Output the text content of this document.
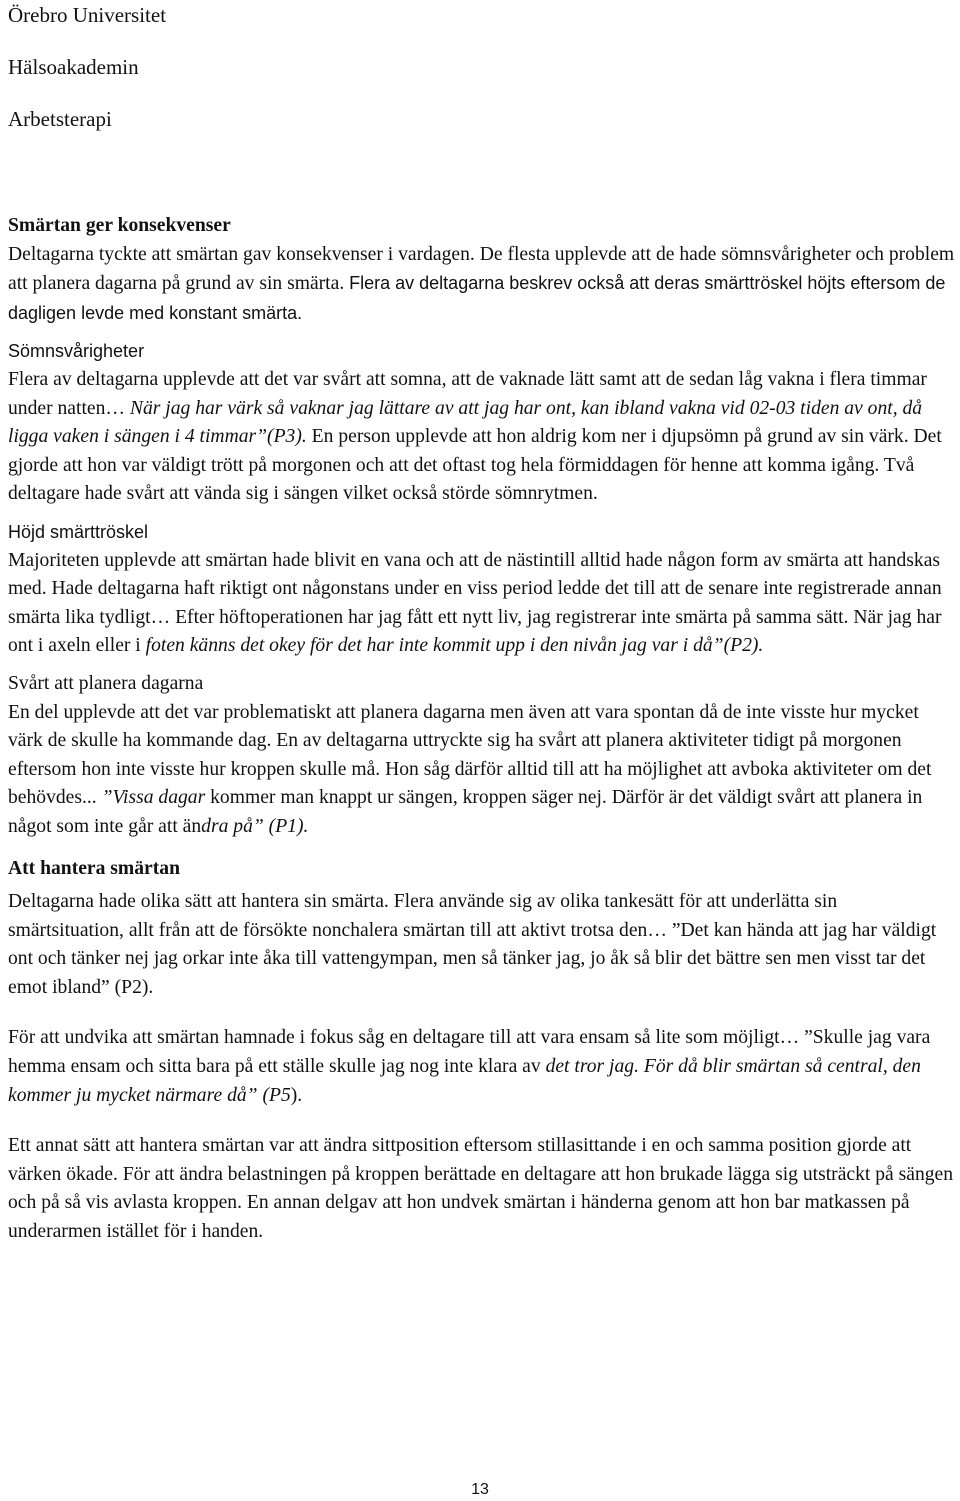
Örebro Universitet

Hälsoakademin

Arbetsterapi

Smärtan ger konsekvenser

Deltagarna tyckte att smärtan gav konsekvenser i vardagen. De flesta upplevde att de hade sömnsvårigheter och problem att planera dagarna på grund av sin smärta. Flera av deltagarna beskrev också att deras smärttröskel höjts eftersom de dagligen levde med konstant smärta.

Sömnsvårigheter

Flera av deltagarna upplevde att det var svårt att somna, att de vaknade lätt samt att de sedan låg vakna i flera timmar under natten… När jag har värk så vaknar jag lättare av att jag har ont, kan ibland vakna vid 02-03 tiden av ont, då ligga vaken i sängen i 4 timmar”(P3). En person upplevde att hon aldrig kom ner i djupsömn på grund av sin värk. Det gjorde att hon var väldigt trött på morgonen och att det oftast tog hela förmiddagen för henne att komma igång. Två deltagare hade svårt att vända sig i sängen vilket också störde sömnrytmen.

Höjd smärttröskel

Majoriteten upplevde att smärtan hade blivit en vana och att de nästintill alltid hade någon form av smärta att handskas med. Hade deltagarna haft riktigt ont någonstans under en viss period ledde det till att de senare inte registrerade annan smärta lika tydligt… Efter höftoperationen har jag fått ett nytt liv, jag registrerar inte smärta på samma sätt. När jag har ont i axeln eller i foten känns det okey för det har inte kommit upp i den nivån jag var i då”(P2).

Svårt att planera dagarna

En del upplevde att det var problematiskt att planera dagarna men även att vara spontan då de inte visste hur mycket värk de skulle ha kommande dag. En av deltagarna uttryckte sig ha svårt att planera aktiviteter tidigt på morgonen eftersom hon inte visste hur kroppen skulle må. Hon såg därför alltid till att ha möjlighet att avboka aktiviteter om det behövdes... ”Vissa dagar kommer man knappt ur sängen, kroppen säger nej. Därför är det väldigt svårt att planera in något som inte går att ändra på” (P1).

Att hantera smärtan

Deltagarna hade olika sätt att hantera sin smärta. Flera använde sig av olika tankesätt för att underlätta sin smärtsituation, allt från att de försökte nonchalera smärtan till att aktivt trotsa den… ”Det kan hända att jag har väldigt ont och tänker nej jag orkar inte åka till vattengympan, men så tänker jag, jo åk så blir det bättre sen men visst tar det emot ibland” (P2).

För att undvika att smärtan hamnade i fokus såg en deltagare till att vara ensam så lite som möjligt… ”Skulle jag vara hemma ensam och sitta bara på ett ställe skulle jag nog inte klara av det tror jag. För då blir smärtan så central, den kommer ju mycket närmare då” (P5).

Ett annat sätt att hantera smärtan var att ändra sittposition eftersom stillasittande i en och samma position gjorde att värken ökade. För att ändra belastningen på kroppen berättade en deltagare att hon brukade lägga sig utsträckt på sängen och på så vis avlasta kroppen. En annan delgav att hon undvek smärtan i händerna genom att hon bar matkassen på underarmen istället för i handen.

13
